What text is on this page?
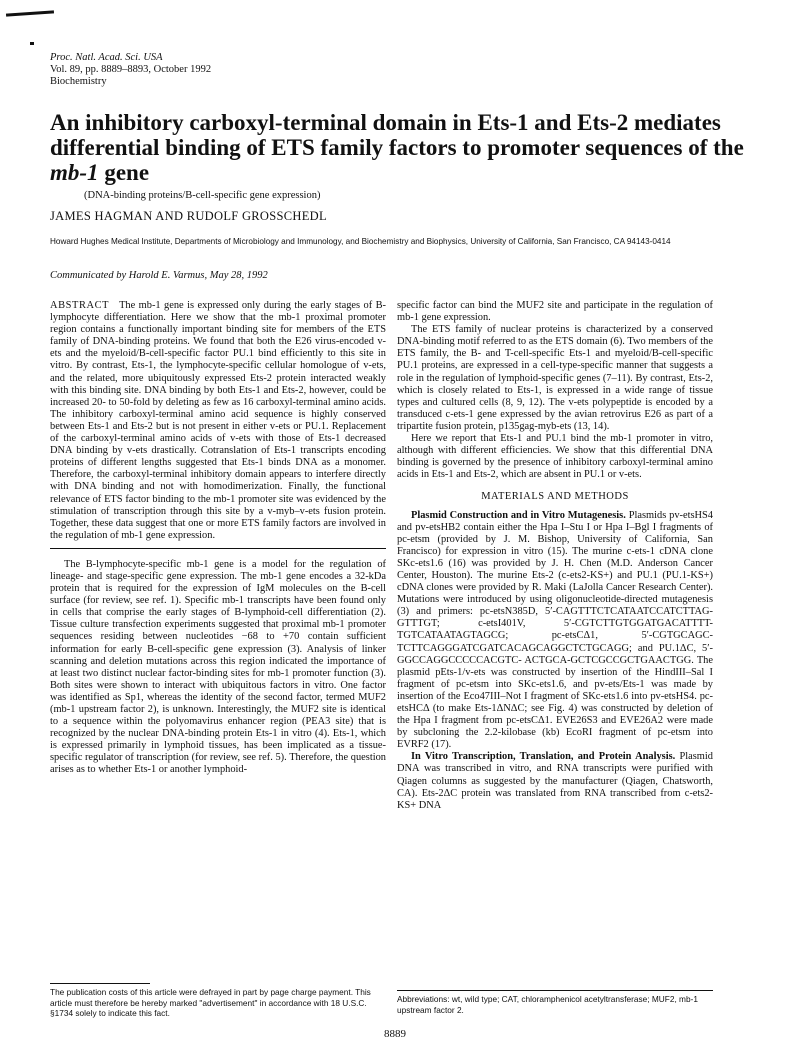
Proc. Natl. Acad. Sci. USA
Vol. 89, pp. 8889–8893, October 1992
Biochemistry
An inhibitory carboxyl-terminal domain in Ets-1 and Ets-2 mediates differential binding of ETS family factors to promoter sequences of the mb-1 gene
(DNA-binding proteins/B-cell-specific gene expression)
JAMES HAGMAN AND RUDOLF GROSSCHEDL
Howard Hughes Medical Institute, Departments of Microbiology and Immunology, and Biochemistry and Biophysics, University of California, San Francisco, CA 94143-0414
Communicated by Harold E. Varmus, May 28, 1992

ABSTRACT The mb-1 gene is expressed only during the early stages of B-lymphocyte differentiation. Here we show that the mb-1 proximal promoter region contains a functionally important binding site for members of the ETS family of DNA-binding proteins. We found that both the E26 virus-encoded v-ets and the myeloid/B-cell-specific factor PU.1 bind efficiently to this site in vitro. By contrast, Ets-1, the lymphocyte-specific cellular homologue of v-ets, and the related, more ubiquitously expressed Ets-2 protein interacted weakly with this binding site. DNA binding by both Ets-1 and Ets-2, however, could be increased 20- to 50-fold by deleting as few as 16 carboxyl-terminal amino acids. The inhibitory carboxyl-terminal amino acid sequence is highly conserved between Ets-1 and Ets-2 but is not present in either v-ets or PU.1. Replacement of the carboxyl-terminal amino acids of v-ets with those of Ets-1 decreased DNA binding by v-ets drastically. Cotranslation of Ets-1 transcripts encoding proteins of different lengths suggested that Ets-1 binds DNA as a monomer. Therefore, the carboxyl-terminal inhibitory domain appears to interfere directly with DNA binding and not with homodimerization. Finally, the functional relevance of ETS factor binding to the mb-1 promoter site was evidenced by the stimulation of transcription through this site by a v-myb–v-ets fusion protein. Together, these data suggest that one or more ETS family factors are involved in the regulation of mb-1 gene expression.

The B-lymphocyte-specific mb-1 gene is a model for the regulation of lineage- and stage-specific gene expression. The mb-1 gene encodes a 32-kDa protein that is required for the expression of IgM molecules on the B-cell surface (for review, see ref. 1). Specific mb-1 transcripts have been found only in cells that comprise the early stages of B-lymphoid-cell differentiation (2). Tissue culture transfection experiments suggested that proximal mb-1 promoter sequences residing between nucleotides −68 to +70 contain sufficient information for early B-cell-specific gene expression (3). Analysis of linker scanning and deletion mutations across this region indicated the importance of at least two distinct nuclear factor-binding sites for mb-1 promoter function (3). Both sites were shown to interact with ubiquitous factors in vitro. One factor was identified as Sp1, whereas the identity of the second factor, termed MUF2 (mb-1 upstream factor 2), is unknown. Interestingly, the MUF2 site is identical to a sequence within the polyomavirus enhancer region (PEA3 site) that is recognized by the nuclear DNA-binding protein Ets-1 in vitro (4). Ets-1, which is expressed primarily in lymphoid tissues, has been implicated as a tissue-specific regulator of transcription (for review, see ref. 5). Therefore, the question arises as to whether Ets-1 or another lymphoid-

specific factor can bind the MUF2 site and participate in the regulation of mb-1 gene expression.

The ETS family of nuclear proteins is characterized by a conserved DNA-binding motif referred to as the ETS domain (6). Two members of the ETS family, the B- and T-cell-specific Ets-1 and myeloid/B-cell-specific PU.1 proteins, are expressed in a cell-type-specific manner that suggests a role in the regulation of lymphoid-specific genes (7–11). By contrast, Ets-2, which is closely related to Ets-1, is expressed in a wide range of tissue types and cultured cells (8, 9, 12). The v-ets polypeptide is encoded by a transduced c-ets-1 gene expressed by the avian retrovirus E26 as part of a tripartite fusion protein, p135gag-myb-ets (13, 14).

Here we report that Ets-1 and PU.1 bind the mb-1 promoter in vitro, although with different efficiencies. We show that this differential DNA binding is governed by the presence of inhibitory carboxyl-terminal amino acids in Ets-1 and Ets-2, which are absent in PU.1 or v-ets.

MATERIALS AND METHODS

Plasmid Construction and in Vitro Mutagenesis. Plasmids pv-etsHS4 and pv-etsHB2 contain either the Hpa I–Stu I or Hpa I–Bgl I fragments of pc-etsm (provided by J. M. Bishop, University of California, San Francisco) for expression in vitro (15). The murine c-ets-1 cDNA clone SKc-ets1.6 (16) was provided by J. H. Chen (M.D. Anderson Cancer Center, Houston). The murine Ets-2 (c-ets2-KS+) and PU.1 (PU.1-KS+) cDNA clones were provided by R. Maki (LaJolla Cancer Research Center). Mutations were introduced by using oligonucleotide-directed mutagenesis (3) and primers: pc-etsN385D, 5′-CAGTTTCTCATAATCCATCTTAG-GTTTGT; c-etsI401V, 5′-CGTCTTGTGGATGACATTTT-TGTCATAATAGTAGCG; pc-etsCΔ1, 5′-CGTGCAGC-TCTTCAGGGATCGATCACAGCAGGCTCTGCAGG; and PU.1ΔC, 5′-GGCCAGGCCCCCACGTC- ACTGCA-GCTCGCCGCTGAACTGG. The plasmid pEts-1/v-ets was constructed by insertion of the HindIII–Sal I fragment of pc-etsm into SKc-ets1.6, and pv-ets/Ets-1 was made by insertion of the Eco47III–Not I fragment of SKc-ets1.6 into pv-etsHS4. pc-etsHCΔ (to make Ets-1ΔNΔC; see Fig. 4) was constructed by deletion of the Hpa I fragment from pc-etsCΔ1. EVE26S3 and EVE26A2 were made by subcloning the 2.2-kilobase (kb) EcoRI fragment of pc-etsm into EVRF2 (17).

In Vitro Transcription, Translation, and Protein Analysis. Plasmid DNA was transcribed in vitro, and RNA transcripts were purified with Qiagen columns as suggested by the manufacturer (Qiagen, Chatsworth, CA). Ets-2ΔC protein was translated from RNA transcribed from c-ets2-KS+ DNA

The publication costs of this article were defrayed in part by page charge payment. This article must therefore be hereby marked "advertisement" in accordance with 18 U.S.C. §1734 solely to indicate this fact.
Abbreviations: wt, wild type; CAT, chloramphenicol acetyltransferase; MUF2, mb-1 upstream factor 2.
8889
